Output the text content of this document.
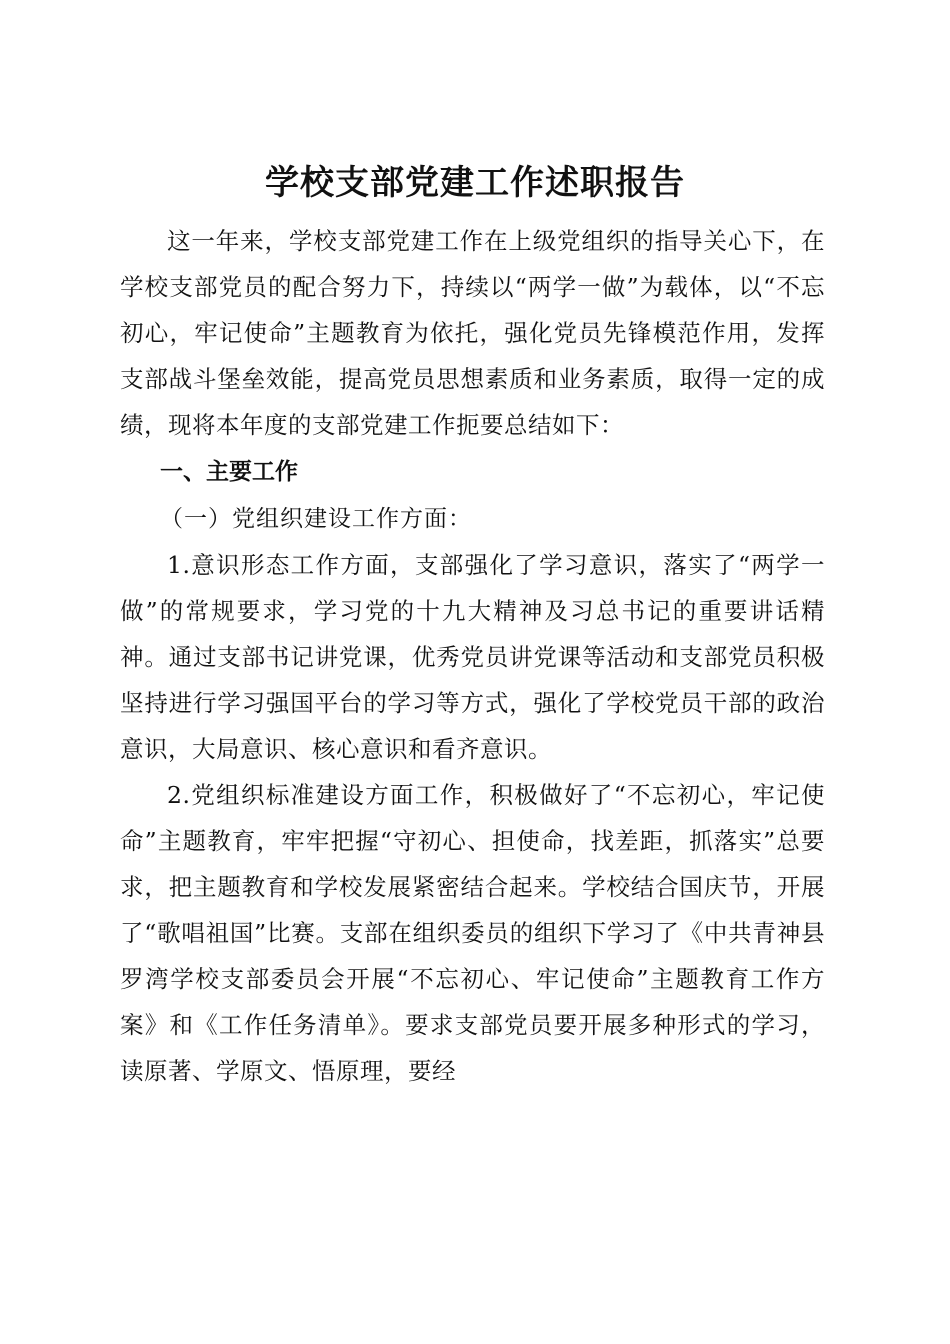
学校支部党建工作述职报告

这一年来，学校支部党建工作在上级党组织的指导关心下，在学校支部党员的配合努力下，持续以“两学一做”为载体，以“不忘初心，牢记使命”主题教育为依托，强化党员先锋模范作用，发挥支部战斗堡垒效能，提高党员思想素质和业务素质，取得一定的成绩，现将本年度的支部党建工作扼要总结如下：

一、主要工作

（一）党组织建设工作方面：

1.意识形态工作方面，支部强化了学习意识，落实了“两学一做”的常规要求，学习党的十九大精神及习总书记的重要讲话精神。通过支部书记讲党课，优秀党员讲党课等活动和支部党员积极坚持进行学习强国平台的学习等方式，强化了学校党员干部的政治意识，大局意识、核心意识和看齐意识。

2.党组织标准建设方面工作，积极做好了“不忘初心，牢记使命”主题教育，牢牢把握“守初心、担使命，找差距，抓落实”总要求，把主题教育和学校发展紧密结合起来。学校结合国庆节，开展了“歌唱祖国”比赛。支部在组织委员的组织下学习了《中共青神县罗湾学校支部委员会开展“不忘初心、牢记使命”主题教育工作方案》和《工作任务清单》。要求支部党员要开展多种形式的学习，读原著、学原文、悟原理，要经
